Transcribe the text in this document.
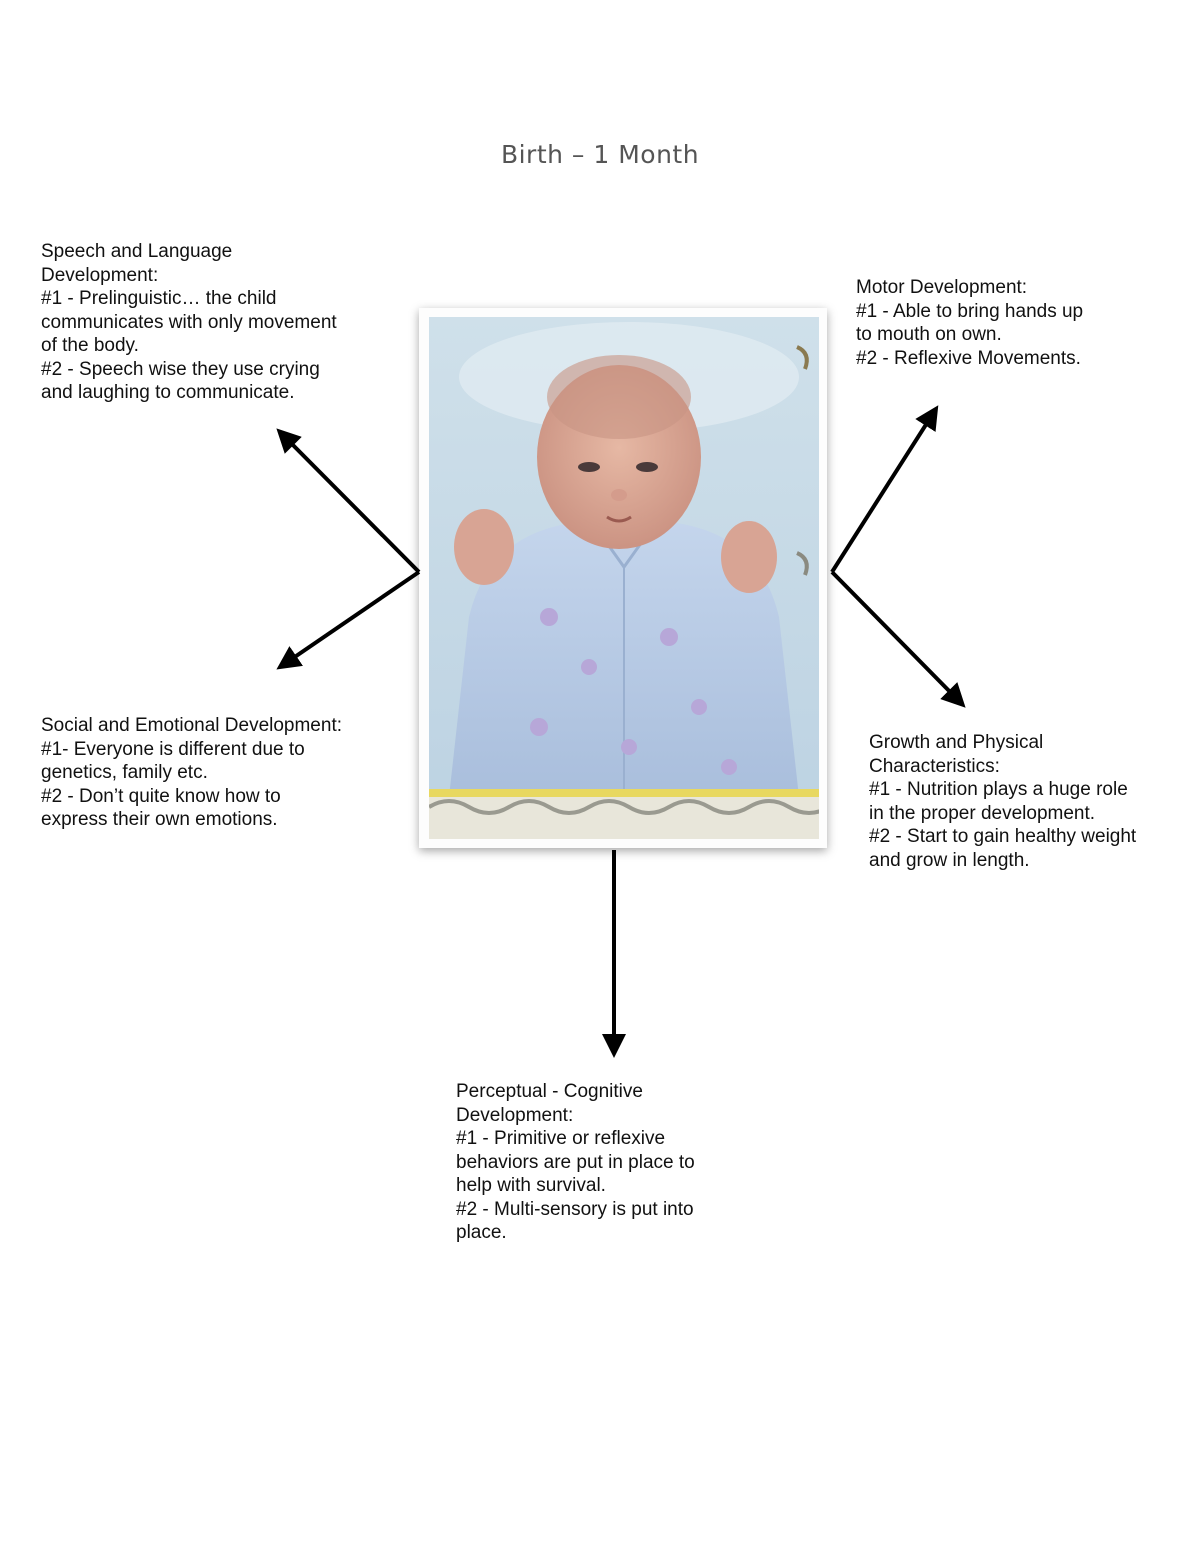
Birth – 1 Month
Speech and Language
Development:
#1 - Prelinguistic… the child
communicates with only movement
of the body.
#2 - Speech wise they use crying
and laughing to communicate.
Motor Development:
#1 - Able to bring hands up
to mouth on own.
#2 - Reflexive Movements.
Social and Emotional Development:
#1- Everyone is different due to
genetics, family etc.
#2 - Don’t quite know how to
express their own emotions.
Growth and Physical
Characteristics:
#1 - Nutrition plays a huge role
in the proper development.
#2 - Start to gain healthy weight
and grow in length.
Perceptual - Cognitive
Development:
#1 - Primitive or reflexive
behaviors are put in place to
help with survival.
#2 - Multi-sensory is put into
place.
